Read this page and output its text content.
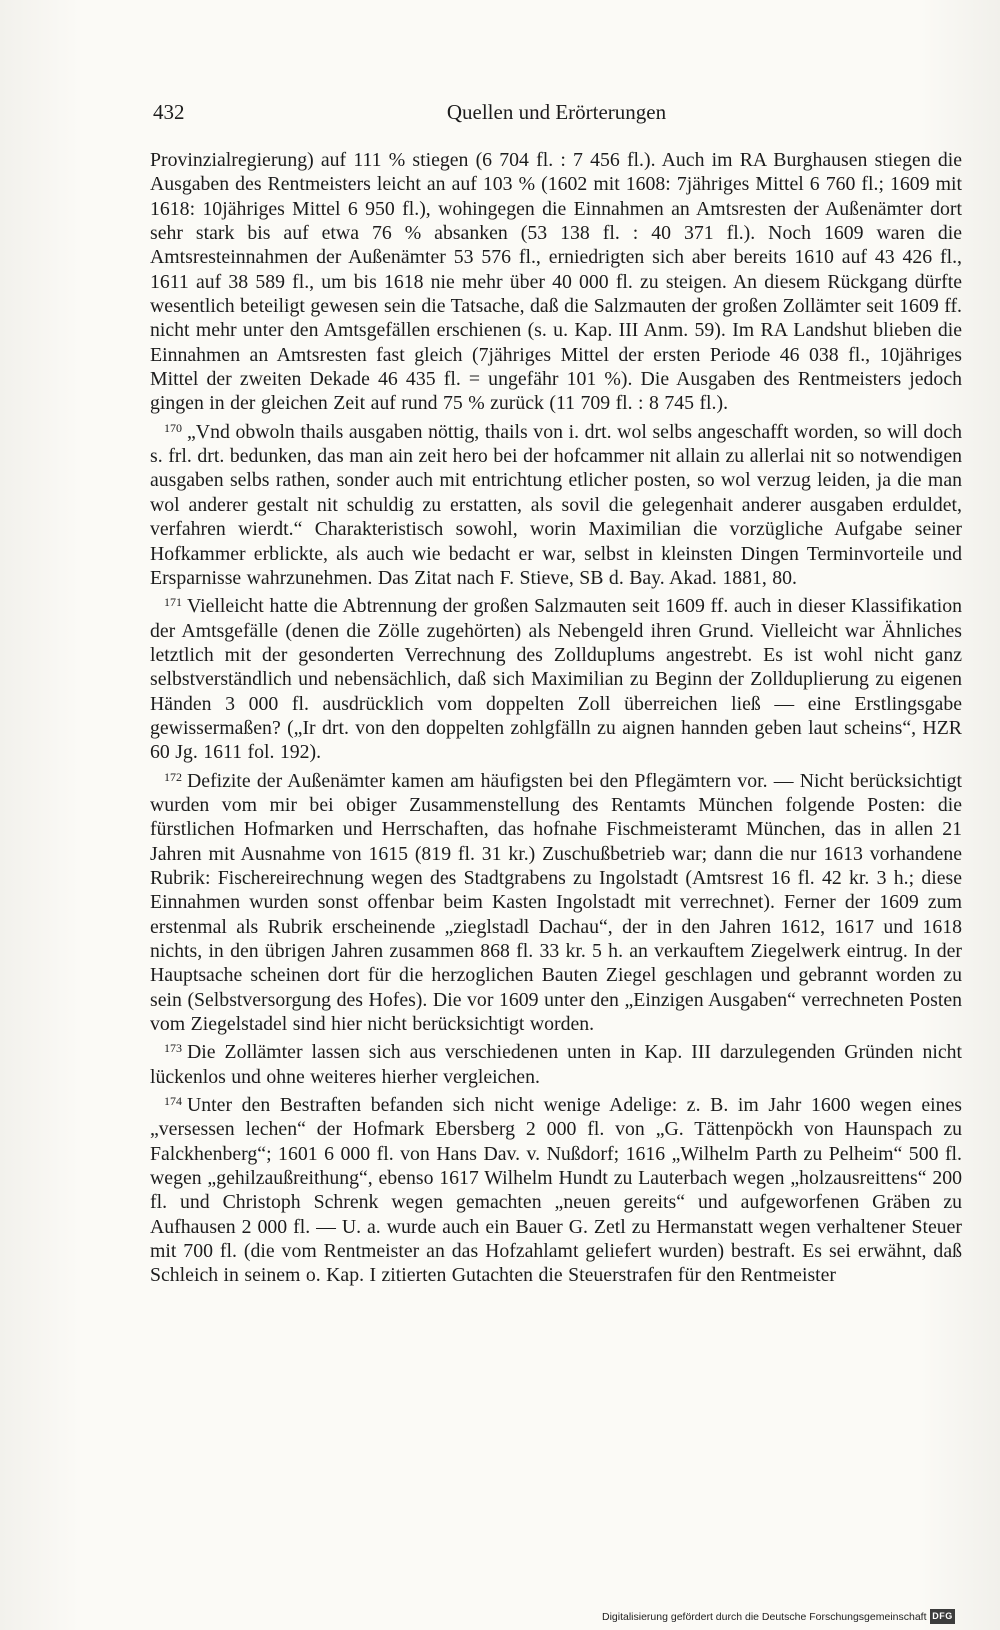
432	Quellen und Erörterungen

Provinzialregierung) auf 111 % stiegen (6 704 fl. : 7 456 fl.). Auch im RA Burghausen stiegen die Ausgaben des Rentmeisters leicht an auf 103 % (1602 mit 1608: 7jähriges Mittel 6 760 fl.; 1609 mit 1618: 10jähriges Mittel 6 950 fl.), wohingegen die Einnahmen an Amtsresten der Außenämter dort sehr stark bis auf etwa 76 % absanken (53 138 fl. : 40 371 fl.). Noch 1609 waren die Amtsresteinnahmen der Außenämter 53 576 fl., erniedrigten sich aber bereits 1610 auf 43 426 fl., 1611 auf 38 589 fl., um bis 1618 nie mehr über 40 000 fl. zu steigen. An diesem Rückgang dürfte wesentlich beteiligt gewesen sein die Tatsache, daß die Salzmauten der großen Zollämter seit 1609 ff. nicht mehr unter den Amtsgefällen erschienen (s. u. Kap. III Anm. 59). Im RA Landshut blieben die Einnahmen an Amtsresten fast gleich (7jähriges Mittel der ersten Periode 46 038 fl., 10jähriges Mittel der zweiten Dekade 46 435 fl. = ungefähr 101 %). Die Ausgaben des Rentmeisters jedoch gingen in der gleichen Zeit auf rund 75 % zurück (11 709 fl. : 8 745 fl.).

$^{170}$ „Vnd obwoln thails ausgaben nöttig, thails von i. drt. wol selbs angeschafft worden, so will doch s. frl. drt. bedunken, das man ain zeit hero bei der hofcammer nit allain zu allerlai nit so notwendigen ausgaben selbs rathen, sonder auch mit entrichtung etlicher posten, so wol verzug leiden, ja die man wol anderer gestalt nit schuldig zu erstatten, als sovil die gelegenhait anderer ausgaben erduldet, verfahren wierdt.“ Charakteristisch sowohl, worin Maximilian die vorzügliche Aufgabe seiner Hofkammer erblickte, als auch wie bedacht er war, selbst in kleinsten Dingen Terminvorteile und Ersparnisse wahrzunehmen. Das Zitat nach F. Stieve, SB d. Bay. Akad. 1881, 80.

$^{171}$ Vielleicht hatte die Abtrennung der großen Salzmauten seit 1609 ff. auch in dieser Klassifikation der Amtsgefälle (denen die Zölle zugehörten) als Nebengeld ihren Grund. Vielleicht war Ähnliches letztlich mit der gesonderten Verrechnung des Zollduplums angestrebt. Es ist wohl nicht ganz selbstverständlich und nebensächlich, daß sich Maximilian zu Beginn der Zollduplierung zu eigenen Händen 3 000 fl. ausdrücklich vom doppelten Zoll überreichen ließ — eine Erstlingsgabe gewissermaßen? („Ir drt. von den doppelten zohlgfälln zu aignen hannden geben laut scheins“, HZR 60 Jg. 1611 fol. 192).

$^{172}$ Defizite der Außenämter kamen am häufigsten bei den Pflegämtern vor. — Nicht berücksichtigt wurden vom mir bei obiger Zusammenstellung des Rentamts München folgende Posten: die fürstlichen Hofmarken und Herrschaften, das hofnahe Fischmeisteramt München, das in allen 21 Jahren mit Ausnahme von 1615 (819 fl. 31 kr.) Zuschußbetrieb war; dann die nur 1613 vorhandene Rubrik: Fischereirechnung wegen des Stadtgrabens zu Ingolstadt (Amtsrest 16 fl. 42 kr. 3 h.; diese Einnahmen wurden sonst offenbar beim Kasten Ingolstadt mit verrechnet). Ferner der 1609 zum erstenmal als Rubrik erscheinende „zieglstadl Dachau“, der in den Jahren 1612, 1617 und 1618 nichts, in den übrigen Jahren zusammen 868 fl. 33 kr. 5 h. an verkauftem Ziegelwerk eintrug. In der Hauptsache scheinen dort für die herzoglichen Bauten Ziegel geschlagen und gebrannt worden zu sein (Selbstversorgung des Hofes). Die vor 1609 unter den „Einzigen Ausgaben“ verrechneten Posten vom Ziegelstadel sind hier nicht berücksichtigt worden.

$^{173}$ Die Zollämter lassen sich aus verschiedenen unten in Kap. III darzulegenden Gründen nicht lückenlos und ohne weiteres hierher vergleichen.

$^{174}$ Unter den Bestraften befanden sich nicht wenige Adelige: z. B. im Jahr 1600 wegen eines „versessen lechen“ der Hofmark Ebersberg 2 000 fl. von „G. Tättenpöckh von Haunspach zu Falckhenberg“; 1601 6 000 fl. von Hans Dav. v. Nußdorf; 1616 „Wilhelm Parth zu Pelheim“ 500 fl. wegen „gehilzaußreithung“, ebenso 1617 Wilhelm Hundt zu Lauterbach wegen „holzausreittens“ 200 fl. und Christoph Schrenk wegen gemachten „neuen gereits“ und aufgeworfenen Gräben zu Aufhausen 2 000 fl. — U. a. wurde auch ein Bauer G. Zetl zu Hermanstatt wegen verhaltener Steuer mit 700 fl. (die vom Rentmeister an das Hofzahlamt geliefert wurden) bestraft. Es sei erwähnt, daß Schleich in seinem o. Kap. I zitierten Gutachten die Steuerstrafen für den Rentmeister

Digitalisierung gefördert durch die Deutsche Forschungsgemeinschaft DFG
